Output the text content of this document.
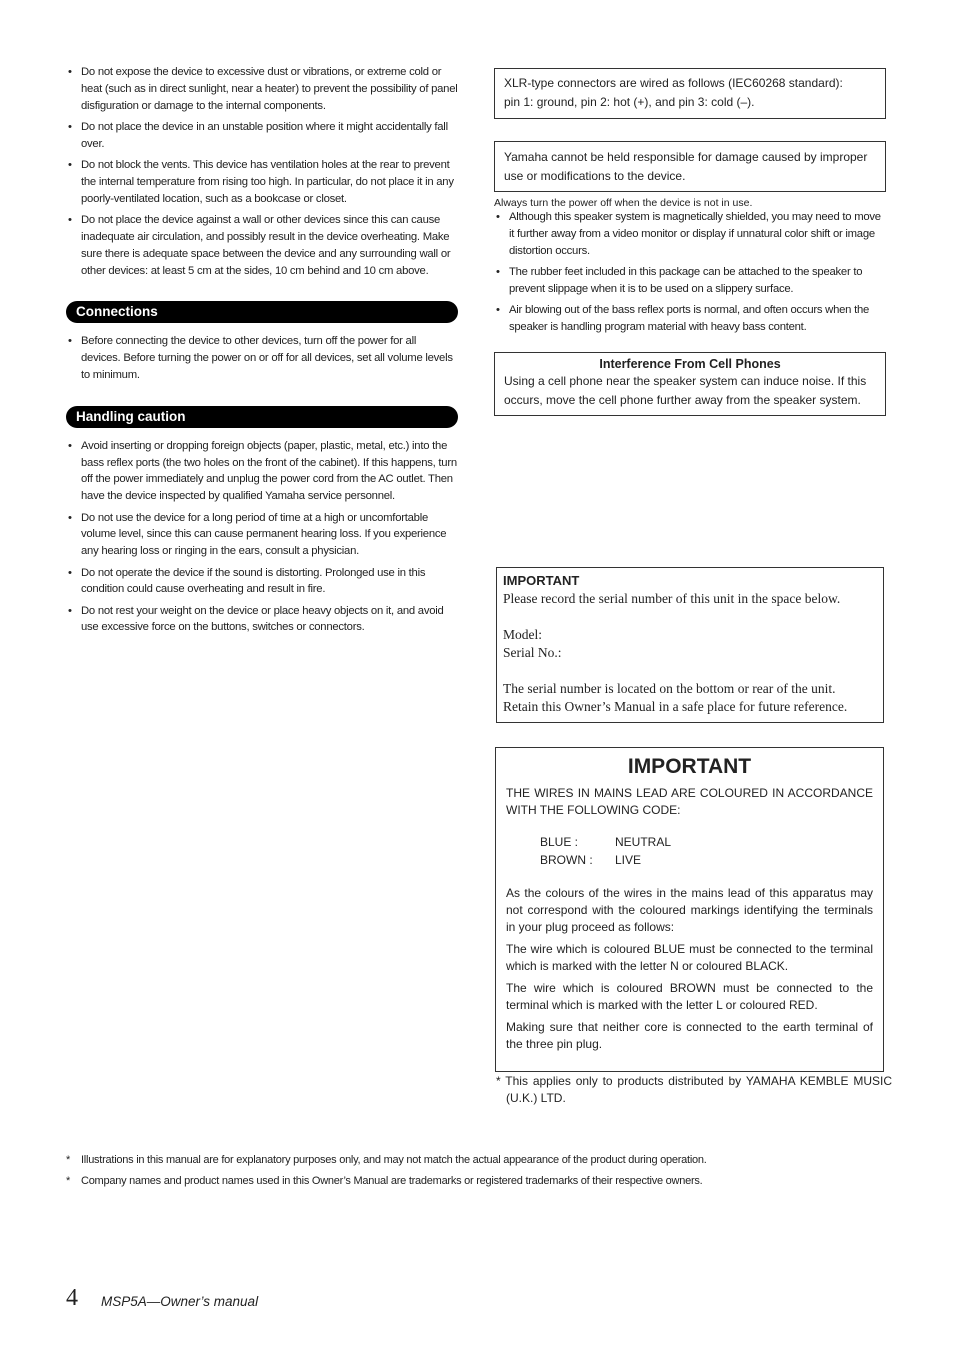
• Do not expose the device to excessive dust or vibrations, or extreme cold or heat (such as in direct sunlight, near a heater) to prevent the possibility of panel disfiguration or damage to the internal components.
• Do not place the device in an unstable position where it might accidentally fall over.
• Do not block the vents. This device has ventilation holes at the rear to prevent the internal temperature from rising too high. In particular, do not place it in any poorly-ventilated location, such as a bookcase or closet.
• Do not place the device against a wall or other devices since this can cause inadequate air circulation, and possibly result in the device overheating. Make sure there is adequate space between the device and any surrounding wall or other devices: at least 5 cm at the sides, 10 cm behind and 10 cm above.
Connections
• Before connecting the device to other devices, turn off the power for all devices. Before turning the power on or off for all devices, set all volume levels to minimum.
Handling caution
• Avoid inserting or dropping foreign objects (paper, plastic, metal, etc.) into the bass reflex ports (the two holes on the front of the cabinet). If this happens, turn off the power immediately and unplug the power cord from the AC outlet. Then have the device inspected by qualified Yamaha service personnel.
• Do not use the device for a long period of time at a high or uncomfortable volume level, since this can cause permanent hearing loss. If you experience any hearing loss or ringing in the ears, consult a physician.
• Do not operate the device if the sound is distorting. Prolonged use in this condition could cause overheating and result in fire.
• Do not rest your weight on the device or place heavy objects on it, and avoid use excessive force on the buttons, switches or connectors.
XLR-type connectors are wired as follows (IEC60268 standard):
pin 1: ground, pin 2: hot (+), and pin 3: cold (–).
Yamaha cannot be held responsible for damage caused by improper use or modifications to the device.
Always turn the power off when the device is not in use.
• Although this speaker system is magnetically shielded, you may need to move it further away from a video monitor or display if unnatural color shift or image distortion occurs.
• The rubber feet included in this package can be attached to the speaker to prevent slippage when it is to be used on a slippery surface.
• Air blowing out of the bass reflex ports is normal, and often occurs when the speaker is handling program material with heavy bass content.
Interference From Cell Phones
Using a cell phone near the speaker system can induce noise. If this occurs, move the cell phone further away from the speaker system.
IMPORTANT
Please record the serial number of this unit in the space below.
Model:
Serial No.:
The serial number is located on the bottom or rear of the unit.
Retain this Owner’s Manual in a safe place for future reference.
IMPORTANT

THE WIRES IN MAINS LEAD ARE COLOURED IN ACCORDANCE WITH THE FOLLOWING CODE:

BLUE :	NEUTRAL
BROWN : LIVE

As the colours of the wires in the mains lead of this apparatus may not correspond with the coloured markings identifying the terminals in your plug proceed as follows:

The wire which is coloured BLUE must be connected to the terminal which is marked with the letter N or coloured BLACK.

The wire which is coloured BROWN must be connected to the terminal which is marked with the letter L or coloured RED.

Making sure that neither core is connected to the earth terminal of the three pin plug.

* This applies only to products distributed by YAMAHA KEMBLE MUSIC (U.K.) LTD.
* Illustrations in this manual are for explanatory purposes only, and may not match the actual appearance of the product during operation.
* Company names and product names used in this Owner’s Manual are trademarks or registered trademarks of their respective owners.
4 MSP5A—Owner’s manual
